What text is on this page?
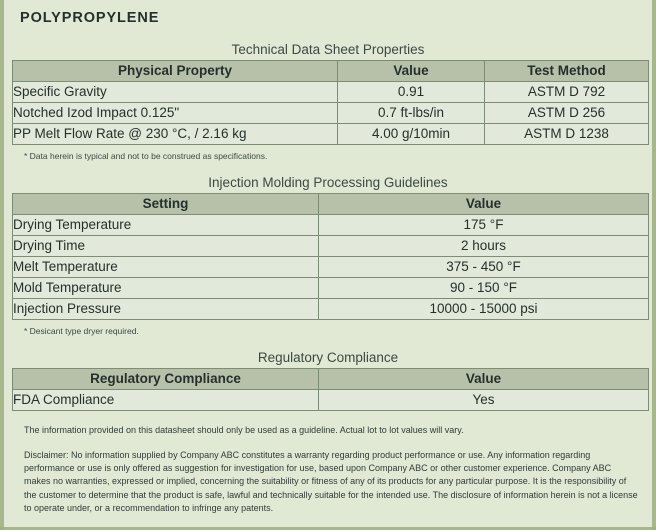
POLYPROPYLENE
Technical Data Sheet Properties
Physical Property	Value	Test Method
Specific Gravity	0.91	ASTM D 792
Notched Izod Impact 0.125"	0.7 ft-lbs/in	ASTM D 256
PP Melt Flow Rate @ 230 °C, / 2.16 kg	4.00 g/10min	ASTM D 1238
* Data herein is typical and not to be construed as specifications.
Injection Molding Processing Guidelines
Setting	Value
Drying Temperature	175 °F
Drying Time	2 hours
Melt Temperature	375 - 450 °F
Mold Temperature	90 - 150 °F
Injection Pressure	10000 - 15000 psi
* Desicant type dryer required.
Regulatory Compliance
Regulatory Compliance	Value
FDA Compliance	Yes
The information provided on this datasheet should only be used as a guideline. Actual lot to lot values will vary.
Disclaimer: No information supplied by Company ABC constitutes a warranty regarding product performance or use. Any information regarding performance or use is only offered as suggestion for investigation for use, based upon Company ABC or other customer experience. Company ABC makes no warranties, expressed or implied, concerning the suitability or fitness of any of its products for any particular purpose. It is the responsibility of the customer to determine that the product is safe, lawful and technically suitable for the intended use. The disclosure of information herein is not a license to operate under, or a recommendation to infringe any patents.
